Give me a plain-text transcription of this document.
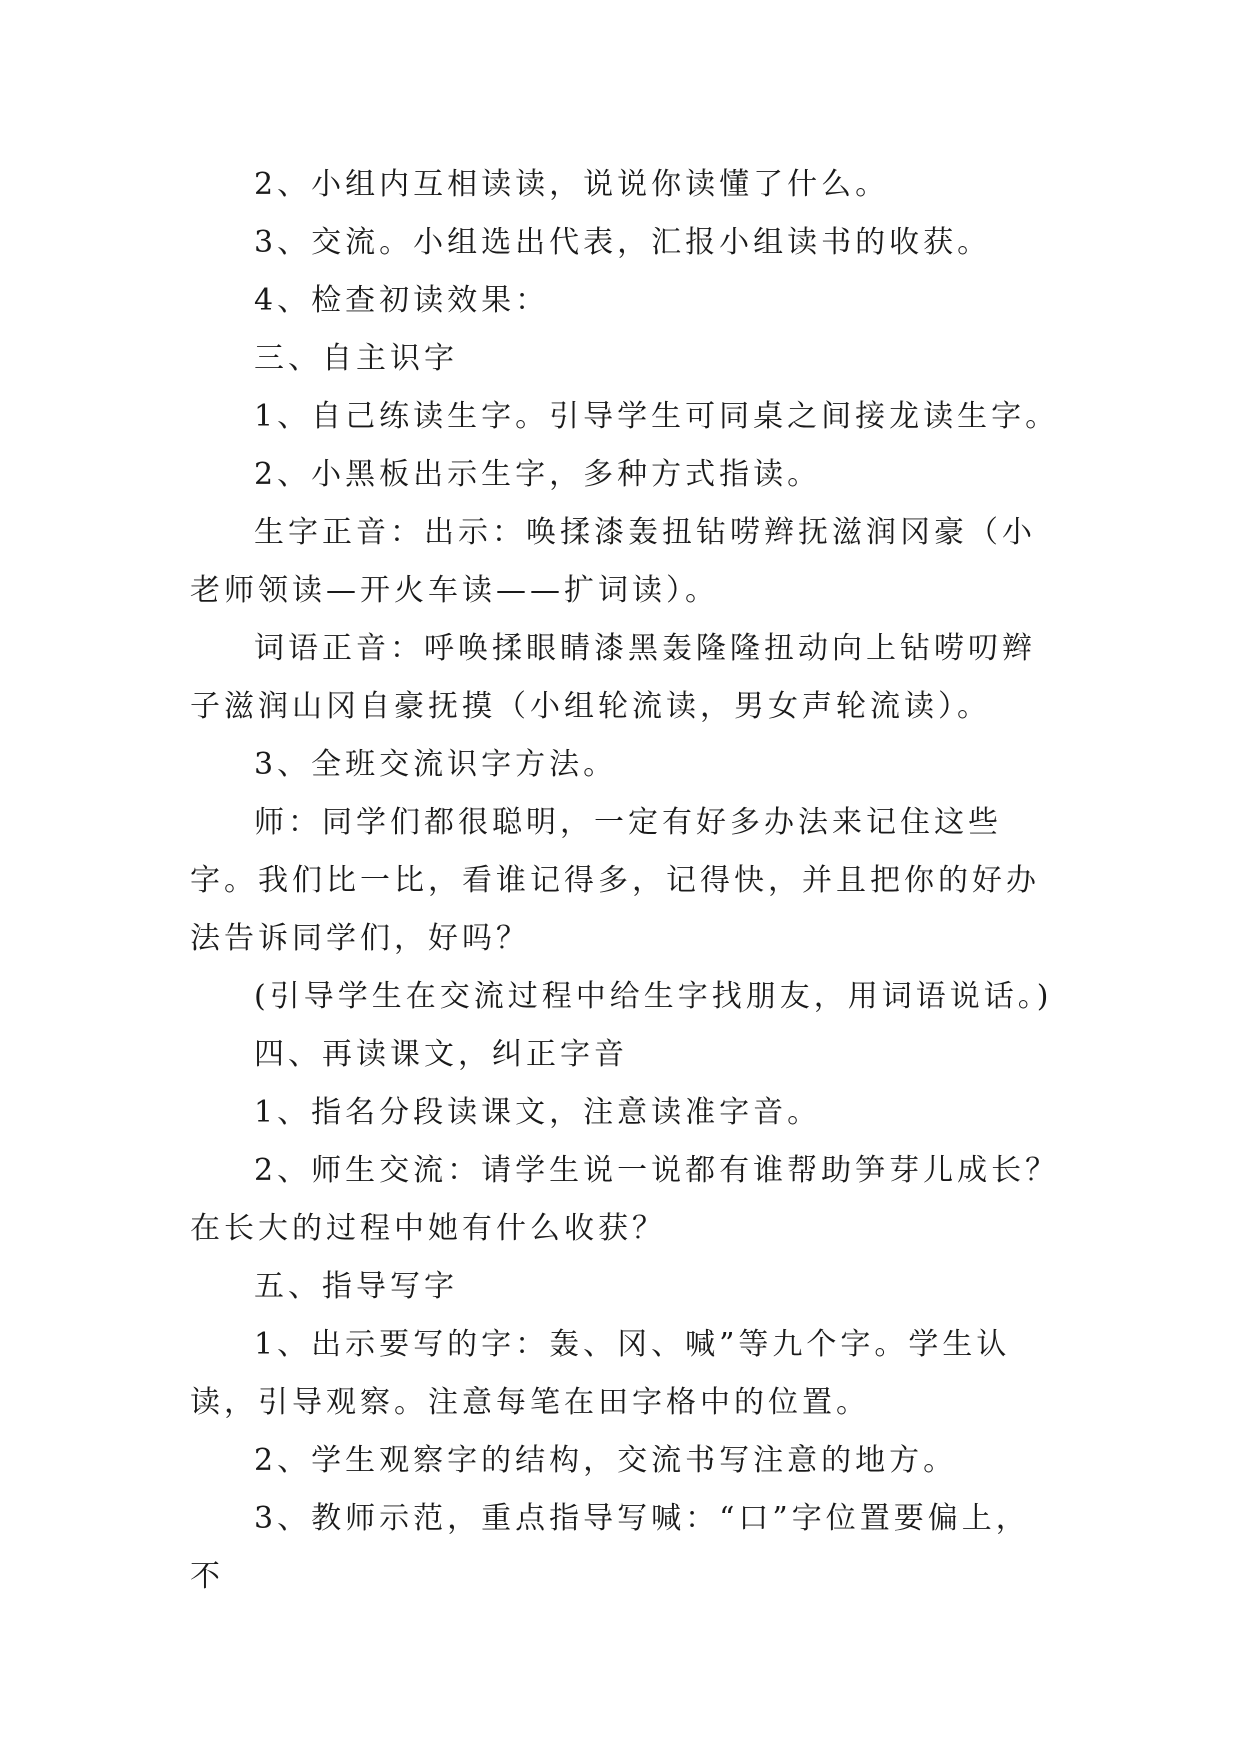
2、小组内互相读读，说说你读懂了什么。

3、交流。小组选出代表，汇报小组读书的收获。

4、检查初读效果：

三、自主识字

1、自己练读生字。引导学生可同桌之间接龙读生字。

2、小黑板出示生字，多种方式指读。

生字正音：出示：唤揉漆轰扭钻唠辫抚滋润冈豪（小老师领读—开火车读——扩词读）。

词语正音：呼唤揉眼睛漆黑轰隆隆扭动向上钻唠叨辫子滋润山冈自豪抚摸（小组轮流读，男女声轮流读）。

3、全班交流识字方法。

师：同学们都很聪明，一定有好多办法来记住这些字。我们比一比，看谁记得多，记得快，并且把你的好办法告诉同学们，好吗？

(引导学生在交流过程中给生字找朋友，用词语说话。)

四、再读课文，纠正字音

1、指名分段读课文，注意读准字音。

2、师生交流：请学生说一说都有谁帮助笋芽儿成长？在长大的过程中她有什么收获？

五、指导写字

1、出示要写的字：轰、冈、喊”等九个字。学生认读，引导观察。注意每笔在田字格中的位置。

2、学生观察字的结构，交流书写注意的地方。

3、教师示范，重点指导写喊：“口”字位置要偏上，不
